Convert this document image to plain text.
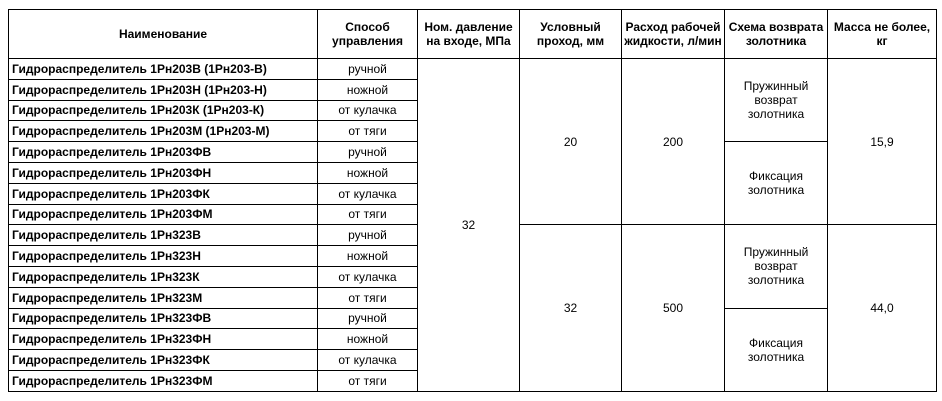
Наименование	Способ управления	Ном. давление на входе, МПа	Условный проход, мм	Расход рабочей жидкости, л/мин	Схема возврата золотника	Масса не более, кг
Гидрораспределитель 1Рн203В (1Рн203-В)	ручной	32	20	200	Пружинный возврат золотника	15,9
Гидрораспределитель 1Рн203Н (1Рн203-Н)	ножной					
Гидрораспределитель 1Рн203К (1Рн203-К)	от кулачка					
Гидрораспределитель 1Рн203М (1Рн203-М)	от тяги					
Гидрораспределитель 1Рн203ФВ	ручной				Фиксация золотника	
Гидрораспределитель 1Рн203ФН	ножной					
Гидрораспределитель 1Рн203ФК	от кулачка					
Гидрораспределитель 1Рн203ФМ	от тяги					
Гидрораспределитель 1Рн323В	ручной		32	500	Пружинный возврат золотника	44,0
Гидрораспределитель 1Рн323Н	ножной					
Гидрораспределитель 1Рн323К	от кулачка					
Гидрораспределитель 1Рн323М	от тяги					
Гидрораспределитель 1Рн323ФВ	ручной				Фиксация золотника	
Гидрораспределитель 1Рн323ФН	ножной					
Гидрораспределитель 1Рн323ФК	от кулачка					
Гидрораспределитель 1Рн323ФМ	от тяги					
